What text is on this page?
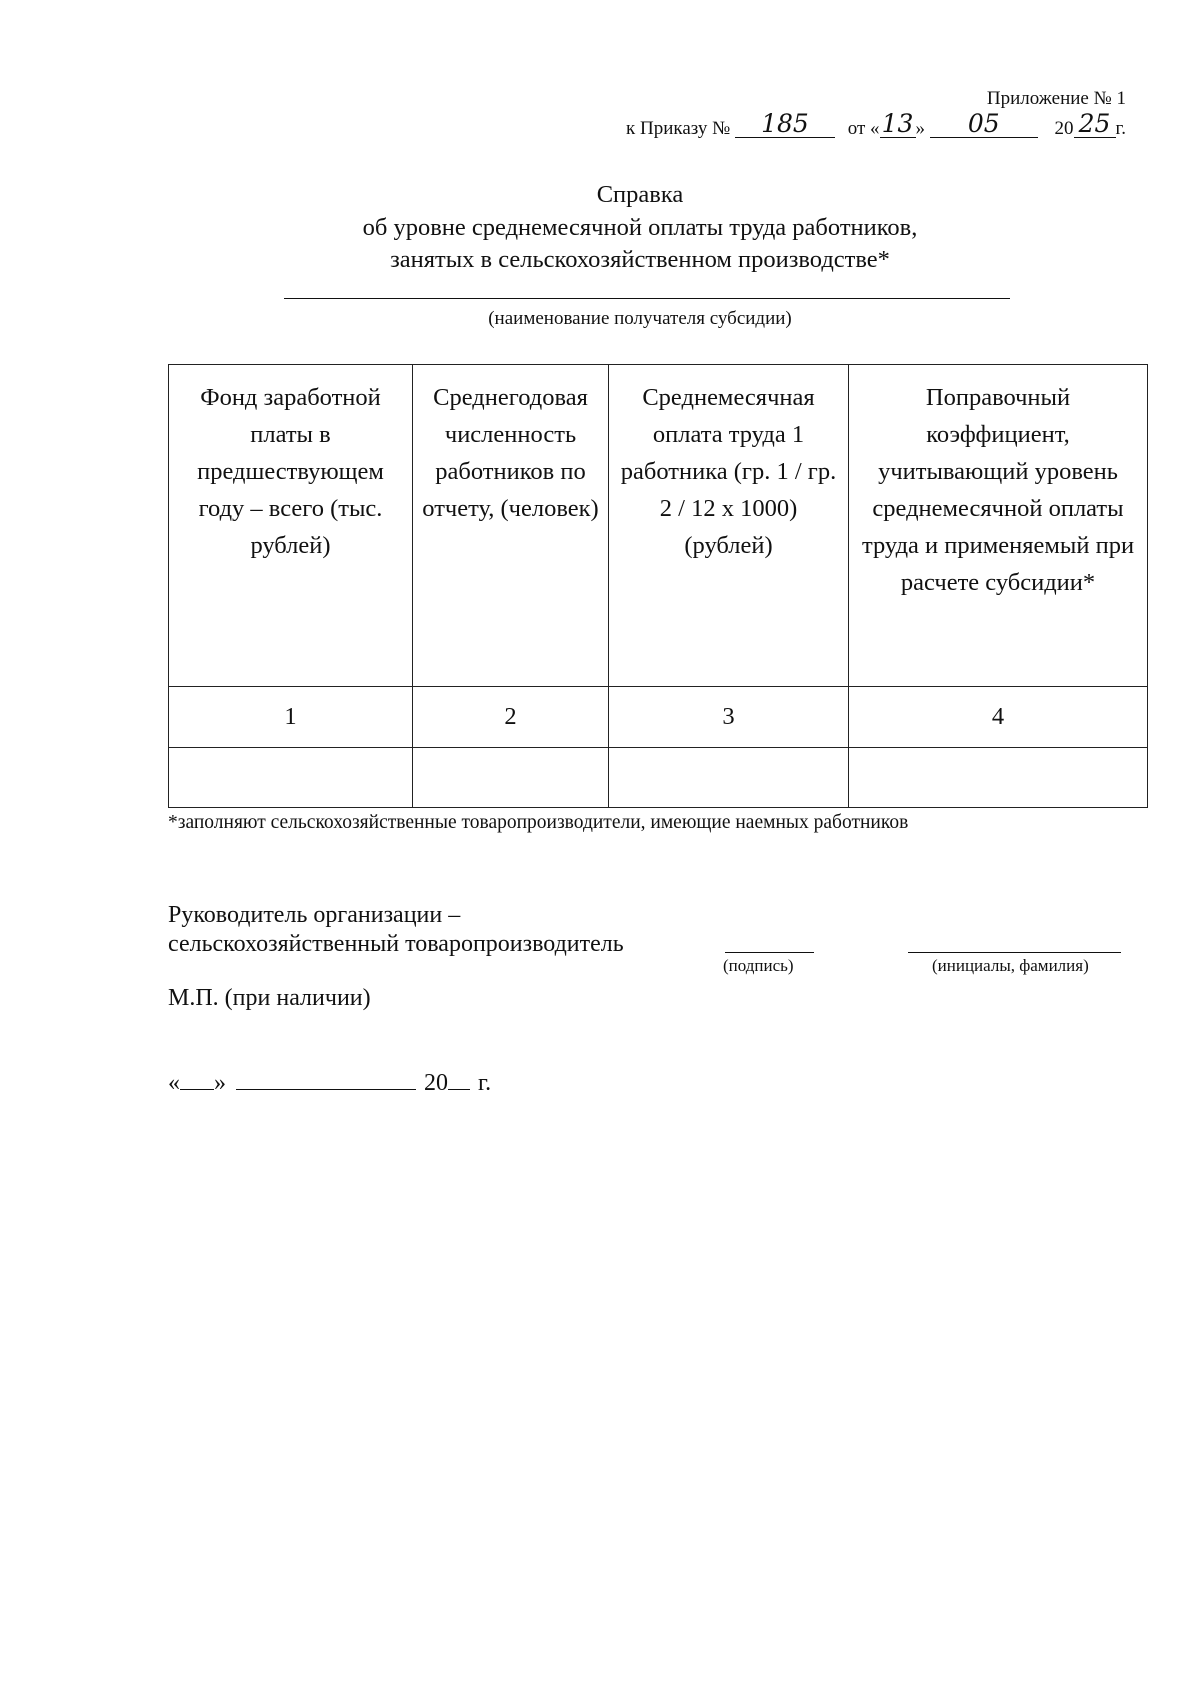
Приложение № 1
к Приказу № 185 от «13 » 05	20 25 г.
Справка
об уровне среднемесячной оплаты труда работников,
занятых в сельскохозяйственном производстве*
(наименование получателя субсидии)
Фонд заработной платы в предшествующем году – всего (тыс. рублей)	Среднегодовая численность работников по отчету, (человек)	Среднемесячная оплата труда 1 работника (гр. 1 / гр. 2 / 12 х 1000) (рублей)	Поправочный коэффициент, учитывающий уровень среднемесячной оплаты труда и применяемый при расчете субсидии*

1	2	3	4

*заполняют сельскохозяйственные товаропроизводители, имеющие наемных работников
Руководитель организации –
сельскохозяйственный товаропроизводитель
(подпись)	(инициалы, фамилия)
М.П. (при наличии)
« »	20 г.
